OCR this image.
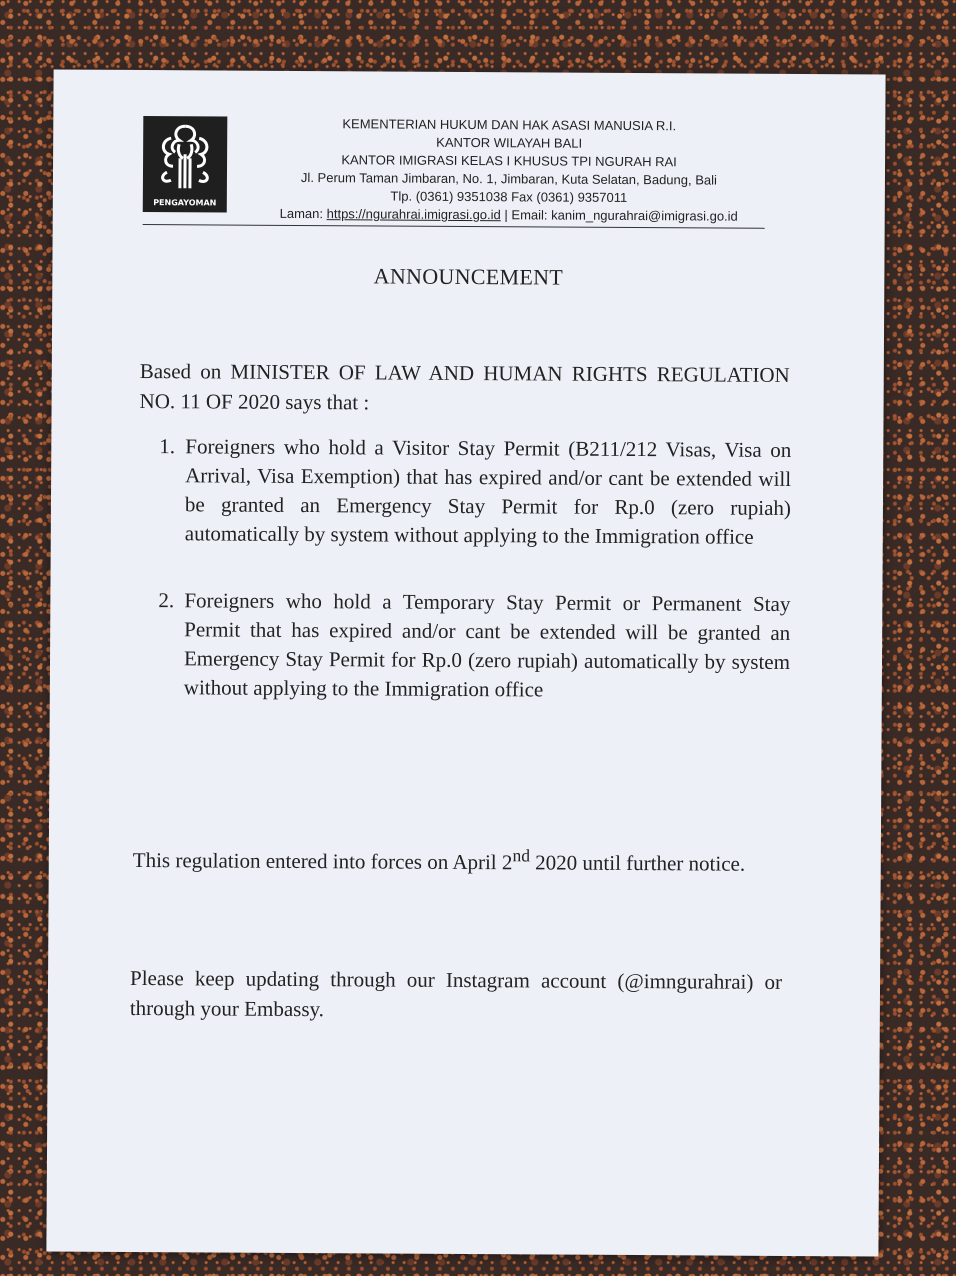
PENGAYOMAN
KEMENTERIAN HUKUM DAN HAK ASASI MANUSIA R.I.
KANTOR WILAYAH BALI
KANTOR IMIGRASI KELAS I KHUSUS TPI NGURAH RAI
Jl. Perum Taman Jimbaran, No. 1, Jimbaran, Kuta Selatan, Badung, Bali
Tlp. (0361) 9351038 Fax (0361) 9357011
Laman: https://ngurahrai.imigrasi.go.id | Email: kanim_ngurahrai@imigrasi.go.id
ANNOUNCEMENT
Based on MINISTER OF LAW AND HUMAN RIGHTS REGULATION NO. 11 OF 2020 says that :
1. Foreigners who hold a Visitor Stay Permit (B211/212 Visas, Visa on Arrival, Visa Exemption) that has expired and/or cant be extended will be granted an Emergency Stay Permit for Rp.0 (zero rupiah) automatically by system without applying to the Immigration office
2. Foreigners who hold a Temporary Stay Permit or Permanent Stay Permit that has expired and/or cant be extended will be granted an Emergency Stay Permit for Rp.0 (zero rupiah) automatically by system without applying to the Immigration office
This regulation entered into forces on April 2nd 2020 until further notice.
Please keep updating through our Instagram account (@imngurahrai) or through your Embassy.
